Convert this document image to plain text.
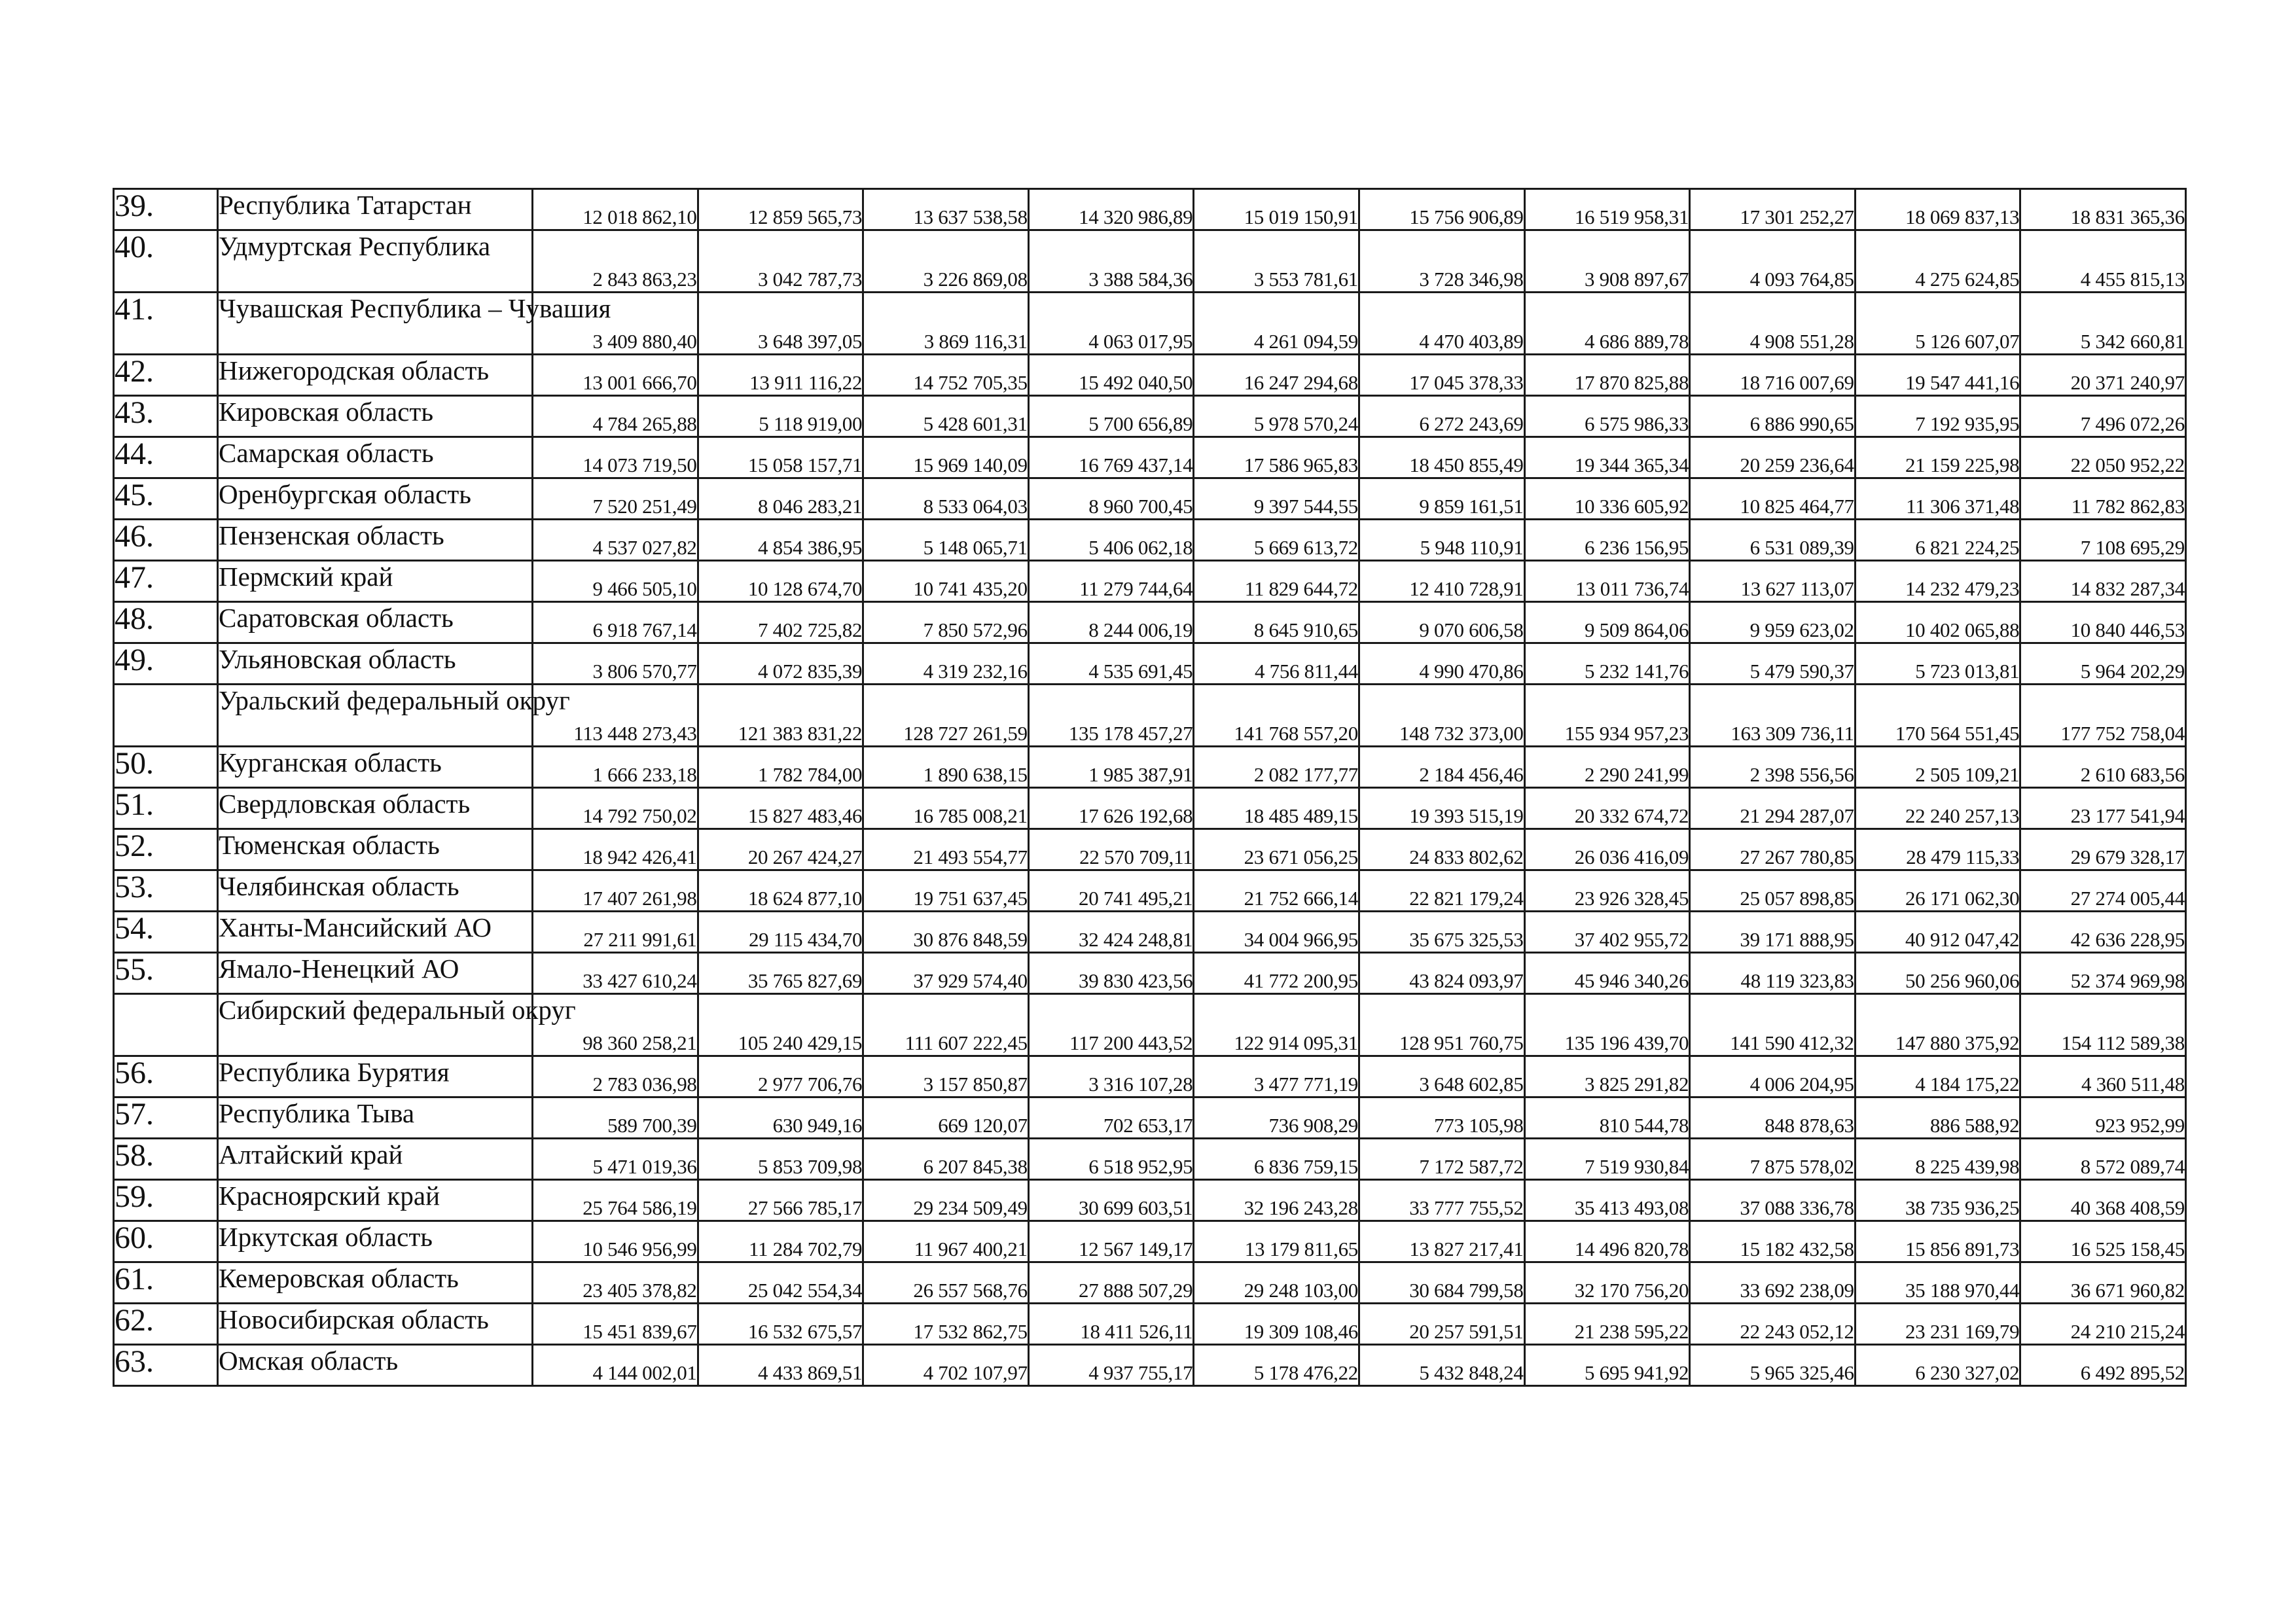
39.	Республика Татарстан	12 018 862,10	12 859 565,73	13 637 538,58	14 320 986,89	15 019 150,91	15 756 906,89	16 519 958,31	17 301 252,27	18 069 837,13	18 831 365,36
40.	Удмуртская Республика	2 843 863,23	3 042 787,73	3 226 869,08	3 388 584,36	3 553 781,61	3 728 346,98	3 908 897,67	4 093 764,85	4 275 624,85	4 455 815,13
41.	Чувашская Республика – Чувашия	3 409 880,40	3 648 397,05	3 869 116,31	4 063 017,95	4 261 094,59	4 470 403,89	4 686 889,78	4 908 551,28	5 126 607,07	5 342 660,81
42.	Нижегородская область	13 001 666,70	13 911 116,22	14 752 705,35	15 492 040,50	16 247 294,68	17 045 378,33	17 870 825,88	18 716 007,69	19 547 441,16	20 371 240,97
43.	Кировская область	4 784 265,88	5 118 919,00	5 428 601,31	5 700 656,89	5 978 570,24	6 272 243,69	6 575 986,33	6 886 990,65	7 192 935,95	7 496 072,26
44.	Самарская область	14 073 719,50	15 058 157,71	15 969 140,09	16 769 437,14	17 586 965,83	18 450 855,49	19 344 365,34	20 259 236,64	21 159 225,98	22 050 952,22
45.	Оренбургская область	7 520 251,49	8 046 283,21	8 533 064,03	8 960 700,45	9 397 544,55	9 859 161,51	10 336 605,92	10 825 464,77	11 306 371,48	11 782 862,83
46.	Пензенская область	4 537 027,82	4 854 386,95	5 148 065,71	5 406 062,18	5 669 613,72	5 948 110,91	6 236 156,95	6 531 089,39	6 821 224,25	7 108 695,29
47.	Пермский край	9 466 505,10	10 128 674,70	10 741 435,20	11 279 744,64	11 829 644,72	12 410 728,91	13 011 736,74	13 627 113,07	14 232 479,23	14 832 287,34
48.	Саратовская область	6 918 767,14	7 402 725,82	7 850 572,96	8 244 006,19	8 645 910,65	9 070 606,58	9 509 864,06	9 959 623,02	10 402 065,88	10 840 446,53
49.	Ульяновская область	3 806 570,77	4 072 835,39	4 319 232,16	4 535 691,45	4 756 811,44	4 990 470,86	5 232 141,76	5 479 590,37	5 723 013,81	5 964 202,29
	Уральский федеральный округ	113 448 273,43	121 383 831,22	128 727 261,59	135 178 457,27	141 768 557,20	148 732 373,00	155 934 957,23	163 309 736,11	170 564 551,45	177 752 758,04
50.	Курганская область	1 666 233,18	1 782 784,00	1 890 638,15	1 985 387,91	2 082 177,77	2 184 456,46	2 290 241,99	2 398 556,56	2 505 109,21	2 610 683,56
51.	Свердловская область	14 792 750,02	15 827 483,46	16 785 008,21	17 626 192,68	18 485 489,15	19 393 515,19	20 332 674,72	21 294 287,07	22 240 257,13	23 177 541,94
52.	Тюменская область	18 942 426,41	20 267 424,27	21 493 554,77	22 570 709,11	23 671 056,25	24 833 802,62	26 036 416,09	27 267 780,85	28 479 115,33	29 679 328,17
53.	Челябинская область	17 407 261,98	18 624 877,10	19 751 637,45	20 741 495,21	21 752 666,14	22 821 179,24	23 926 328,45	25 057 898,85	26 171 062,30	27 274 005,44
54.	Ханты-Мансийский АО	27 211 991,61	29 115 434,70	30 876 848,59	32 424 248,81	34 004 966,95	35 675 325,53	37 402 955,72	39 171 888,95	40 912 047,42	42 636 228,95
55.	Ямало-Ненецкий АО	33 427 610,24	35 765 827,69	37 929 574,40	39 830 423,56	41 772 200,95	43 824 093,97	45 946 340,26	48 119 323,83	50 256 960,06	52 374 969,98
	Сибирский федеральный округ	98 360 258,21	105 240 429,15	111 607 222,45	117 200 443,52	122 914 095,31	128 951 760,75	135 196 439,70	141 590 412,32	147 880 375,92	154 112 589,38
56.	Республика Бурятия	2 783 036,98	2 977 706,76	3 157 850,87	3 316 107,28	3 477 771,19	3 648 602,85	3 825 291,82	4 006 204,95	4 184 175,22	4 360 511,48
57.	Республика Тыва	589 700,39	630 949,16	669 120,07	702 653,17	736 908,29	773 105,98	810 544,78	848 878,63	886 588,92	923 952,99
58.	Алтайский край	5 471 019,36	5 853 709,98	6 207 845,38	6 518 952,95	6 836 759,15	7 172 587,72	7 519 930,84	7 875 578,02	8 225 439,98	8 572 089,74
59.	Красноярский край	25 764 586,19	27 566 785,17	29 234 509,49	30 699 603,51	32 196 243,28	33 777 755,52	35 413 493,08	37 088 336,78	38 735 936,25	40 368 408,59
60.	Иркутская область	10 546 956,99	11 284 702,79	11 967 400,21	12 567 149,17	13 179 811,65	13 827 217,41	14 496 820,78	15 182 432,58	15 856 891,73	16 525 158,45
61.	Кемеровская область	23 405 378,82	25 042 554,34	26 557 568,76	27 888 507,29	29 248 103,00	30 684 799,58	32 170 756,20	33 692 238,09	35 188 970,44	36 671 960,82
62.	Новосибирская область	15 451 839,67	16 532 675,57	17 532 862,75	18 411 526,11	19 309 108,46	20 257 591,51	21 238 595,22	22 243 052,12	23 231 169,79	24 210 215,24
63.	Омская область	4 144 002,01	4 433 869,51	4 702 107,97	4 937 755,17	5 178 476,22	5 432 848,24	5 695 941,92	5 965 325,46	6 230 327,02	6 492 895,52
